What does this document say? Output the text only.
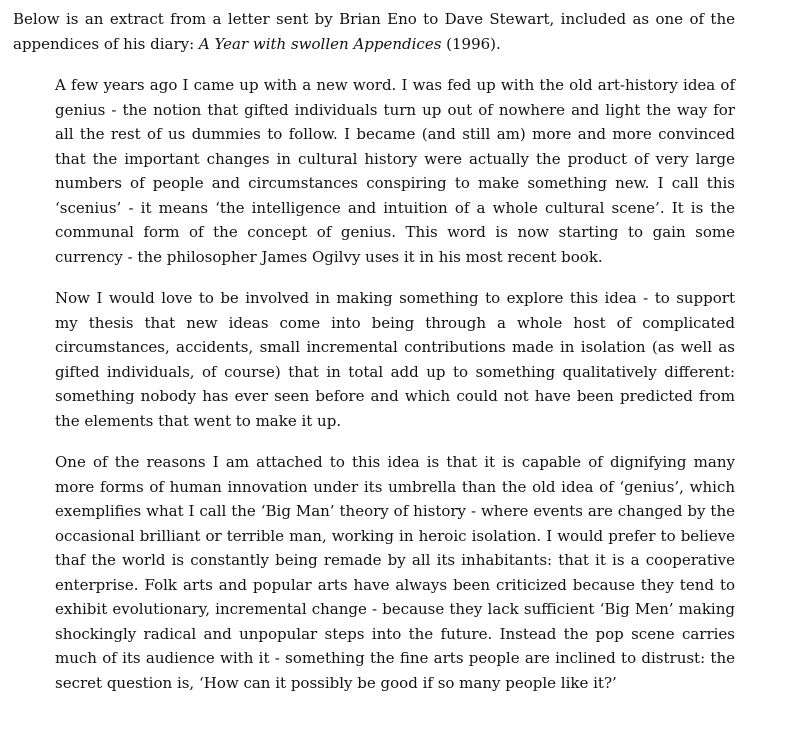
Below is an extract from a letter sent by Brian Eno to Dave Stewart, included as one of the appendices of his diary: A Year with swollen Appendices (1996).

A few years ago I came up with a new word. I was fed up with the old art-history idea of genius - the notion that gifted individuals turn up out of nowhere and light the way for all the rest of us dummies to follow. I became (and still am) more and more convinced that the important changes in cultural history were actually the product of very large numbers of people and circumstances conspiring to make something new. I call this ‘scenius’ - it means ‘the intelligence and intuition of a whole cultural scene’. It is the communal form of the concept of genius. This word is now starting to gain some currency - the philosopher James Ogilvy uses it in his most recent book.

Now I would love to be involved in making something to explore this idea - to support my thesis that new ideas come into being through a whole host of complicated circumstances, accidents, small incremental contributions made in isolation (as well as gifted individuals, of course) that in total add up to something qualitatively different: something nobody has ever seen before and which could not have been predicted from the elements that went to make it up.

One of the reasons I am attached to this idea is that it is capable of dignifying many more forms of human innovation under its umbrella than the old idea of ‘genius’, which exemplifies what I call the ‘Big Man’ theory of history - where events are changed by the occasional brilliant or terrible man, working in heroic isolation. I would prefer to believe thaf the world is constantly being remade by all its inhabitants: that it is a cooperative enterprise. Folk arts and popular arts have always been criticized because they tend to exhibit evolutionary, incremental change - because they lack sufficient ‘Big Men’ making shockingly radical and unpopular steps into the future. Instead the pop scene carries much of its audience with it - something the fine arts people are inclined to distrust: the secret question is, ‘How can it possibly be good if so many people like it?’
